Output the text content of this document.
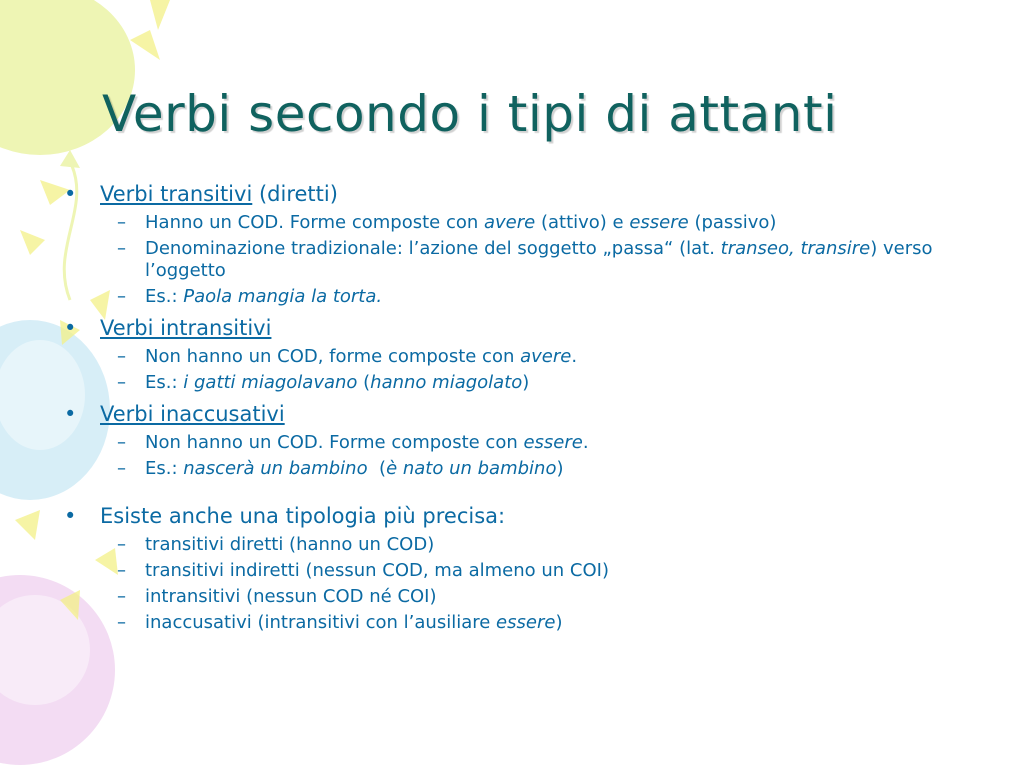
Verbi secondo i tipi di attanti
• Verbi transitivi (diretti)
– Hanno un COD. Forme composte con avere (attivo) e essere (passivo)
– Denominazione tradizionale: l’azione del soggetto „passa“ (lat. transeo, transire) verso l’oggetto
– Es.: Paola mangia la torta.
• Verbi intransitivi
– Non hanno un COD, forme composte con avere.
– Es.: i gatti miagolavano (hanno miagolato)
• Verbi inaccusativi
– Non hanno un COD. Forme composte con essere.
– Es.: nascerà un bambino  (è nato un bambino)
• Esiste anche una tipologia più precisa:
– transitivi diretti (hanno un COD)
– transitivi indiretti (nessun COD, ma almeno un COI)
– intransitivi (nessun COD né COI)
– inaccusativi (intransitivi con l’ausiliare essere)
